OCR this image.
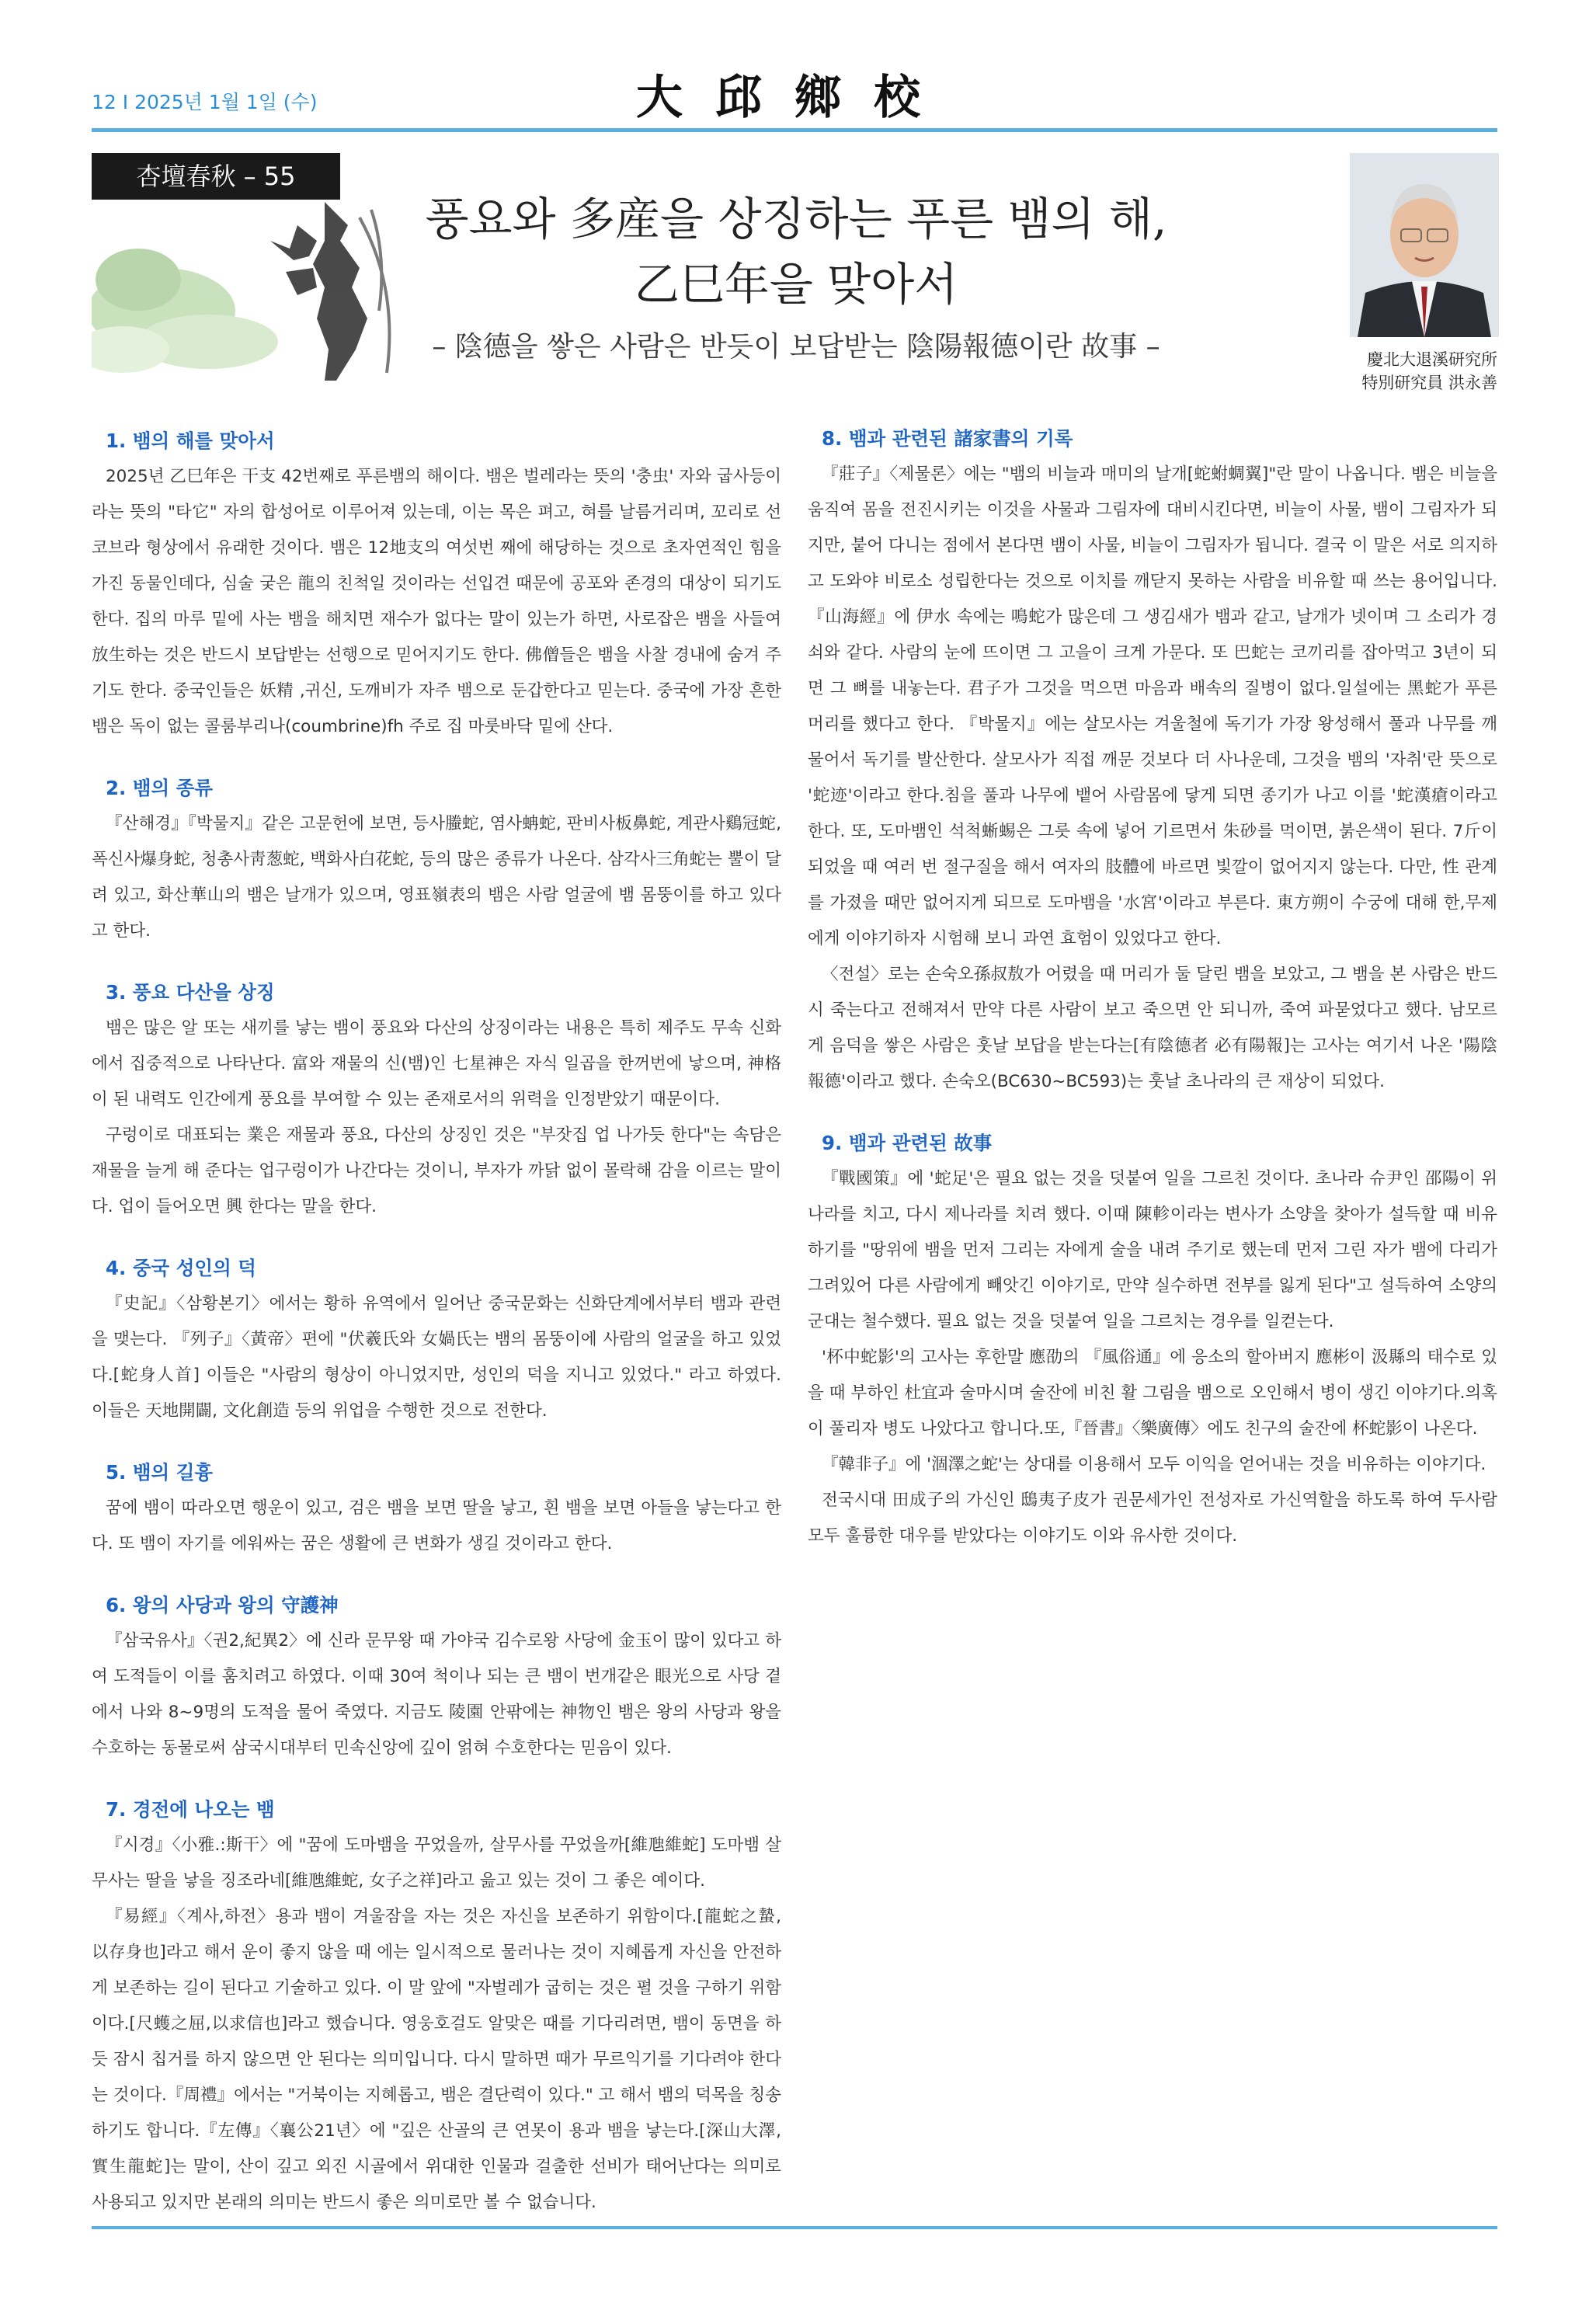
12 I 2025년 1월 1일 (수)	大邱鄉校
杏壇春秋 – 55
풍요와 多産을 상징하는 푸른 뱀의 해,
乙巳年을 맞아서
– 陰德을 쌓은 사람은 반듯이 보답받는 陰陽報德이란 故事 –	慶北大退溪研究所
特別研究員 洪永善
1. 뱀의 해를 맞아서

2025년 乙巳年은 干支 42번째로 푸른뱀의 해이다. 뱀은 벌레라는 뜻의 '충虫' 자와 굽사등이라는 뜻의 "타它" 자의 합성어로 이루어져 있는데, 이는 목은 펴고, 혀를 날름거리며, 꼬리로 선 코브라 형상에서 유래한 것이다. 뱀은 12地支의 여섯번 째에 해당하는 것으로 초자연적인 힘을 가진 동물인데다, 심술 궂은 龍의 친척일 것이라는 선입견 때문에 공포와 존경의 대상이 되기도 한다. 집의 마루 밑에 사는 뱀을 해치면 재수가 없다는 말이 있는가 하면, 사로잡은 뱀을 사들여 放生하는 것은 반드시 보답받는 선행으로 믿어지기도 한다. 佛僧들은 뱀을 사찰 경내에 숨겨 주기도 한다. 중국인들은 妖精 ,귀신, 도깨비가 자주 뱀으로 둔갑한다고 믿는다. 중국에 가장 흔한 뱀은 독이 없는 콜룸부리나(coumbrine)fh 주로 집 마룻바닥 밑에 산다.

2. 뱀의 종류

『산해경』『박물지』같은 고문헌에 보면, 등사螣蛇, 염사蚺蛇, 판비사板鼻蛇, 계관사鷄冠蛇, 폭신사爆身蛇, 청총사靑葱蛇, 백화사白花蛇, 등의 많은 종류가 나온다. 삼각사三角蛇는 뿔이 달려 있고, 화산華山의 뱀은 날개가 있으며, 영표嶺表의 뱀은 사람 얼굴에 뱀 몸뚱이를 하고 있다고 한다.

3. 풍요 다산을 상징

뱀은 많은 알 또는 새끼를 낳는 뱀이 풍요와 다산의 상징이라는 내용은 특히 제주도 무속 신화에서 집중적으로 나타난다. 富와 재물의 신(뱀)인 七星神은 자식 일곱을 한꺼번에 낳으며, 神格이 된 내력도 인간에게 풍요를 부여할 수 있는 존재로서의 위력을 인정받았기 때문이다.

구렁이로 대표되는 業은 재물과 풍요, 다산의 상징인 것은 "부잣집 업 나가듯 한다"는 속담은 재물을 늘게 해 준다는 업구렁이가 나간다는 것이니, 부자가 까닭 없이 몰락해 감을 이르는 말이다. 업이 들어오면 興 한다는 말을 한다.

4. 중국 성인의 덕

『史記』〈삼황본기〉에서는 황하 유역에서 일어난 중국문화는 신화단계에서부터 뱀과 관련을 맺는다. 『列子』〈黃帝〉편에 "伏羲氏와 女媧氏는 뱀의 몸뚱이에 사람의 얼굴을 하고 있었다.[蛇身人首] 이들은 "사람의 형상이 아니었지만, 성인의 덕을 지니고 있었다." 라고 하였다. 이들은 天地開闢, 文化創造 등의 위업을 수행한 것으로 전한다.

5. 뱀의 길흉

꿈에 뱀이 따라오면 행운이 있고, 검은 뱀을 보면 딸을 낳고, 흰 뱀을 보면 아들을 낳는다고 한다. 또 뱀이 자기를 에워싸는 꿈은 생활에 큰 변화가 생길 것이라고 한다.

6. 왕의 사당과 왕의 守護神

『삼국유사』〈권2,紀異2〉에 신라 문무왕 때 가야국 김수로왕 사당에 金玉이 많이 있다고 하여 도적들이 이를 훔치려고 하였다. 이때 30여 척이나 되는 큰 뱀이 번개같은 眼光으로 사당 곁에서 나와 8~9명의 도적을 물어 죽였다. 지금도 陵園 안팎에는 神物인 뱀은 왕의 사당과 왕을 수호하는 동물로써 삼국시대부터 민속신앙에 깊이 얽혀 수호한다는 믿음이 있다.

7. 경전에 나오는 뱀

『시경』〈小雅.:斯干〉에 "꿈에 도마뱀을 꾸었을까, 살무사를 꾸었을까[維虺維蛇] 도마뱀 살무사는 딸을 낳을 징조라네[維虺維蛇, 女子之祥]라고 읊고 있는 것이 그 좋은 예이다.

『易經』〈계사,하전〉용과 뱀이 겨울잠을 자는 것은 자신을 보존하기 위함이다.[龍蛇之蟄, 以存身也]라고 해서 운이 좋지 않을 때 에는 일시적으로 물러나는 것이 지혜롭게 자신을 안전하게 보존하는 길이 된다고 기술하고 있다. 이 말 앞에 "자벌레가 굽히는 것은 펼 것을 구하기 위함이다.[尺蠖之屈,以求信也]라고 했습니다. 영웅호걸도 알맞은 때를 기다리려면, 뱀이 동면을 하듯 잠시 칩거를 하지 않으면 안 된다는 의미입니다. 다시 말하면 때가 무르익기를 기다려야 한다는 것이다.『周禮』에서는 "거북이는 지혜롭고, 뱀은 결단력이 있다." 고 해서 뱀의 덕목을 칭송하기도 합니다.『左傳』〈襄公21년〉에 "깊은 산골의 큰 연못이 용과 뱀을 낳는다.[深山大澤,實生龍蛇]는 말이, 산이 깊고 외진 시골에서 위대한 인물과 걸출한 선비가 태어난다는 의미로 사용되고 있지만 본래의 의미는 반드시 좋은 의미로만 볼 수 없습니다.

8. 뱀과 관련된 諸家書의 기록

『莊子』〈제물론〉에는 "뱀의 비늘과 매미의 날개[蛇蚹蜩翼]"란 말이 나옵니다. 뱀은 비늘을 움직여 몸을 전진시키는 이것을 사물과 그림자에 대비시킨다면, 비늘이 사물, 뱀이 그림자가 되지만, 붙어 다니는 점에서 본다면 뱀이 사물, 비늘이 그림자가 됩니다. 결국 이 말은 서로 의지하고 도와야 비로소 성립한다는 것으로 이치를 깨닫지 못하는 사람을 비유할 때 쓰는 용어입니다. 『山海經』에 伊水 속에는 鳴蛇가 많은데 그 생김새가 뱀과 같고, 날개가 넷이며 그 소리가 경쇠와 같다. 사람의 눈에 뜨이면 그 고을이 크게 가문다. 또 巴蛇는 코끼리를 잡아먹고 3년이 되면 그 뼈를 내놓는다. 君子가 그것을 먹으면 마음과 배속의 질병이 없다.일설에는 黑蛇가 푸른 머리를 했다고 한다. 『박물지』에는 살모사는 겨울철에 독기가 가장 왕성해서 풀과 나무를 깨물어서 독기를 발산한다. 살모사가 직접 깨문 것보다 더 사나운데, 그것을 뱀의 '자취'란 뜻으로 '蛇迹'이라고 한다.침을 풀과 나무에 뱉어 사람몸에 닿게 되면 종기가 나고 이를 '蛇漢瘡이라고 한다. 또, 도마뱀인 석척蜥蜴은 그릇 속에 넣어 기르면서 朱砂를 먹이면, 붉은색이 된다. 7斤이 되었을 때 여러 번 절구질을 해서 여자의 肢體에 바르면 빛깔이 없어지지 않는다. 다만, 性 관계를 가졌을 때만 없어지게 되므로 도마뱀을 '水宮'이라고 부른다. 東方朔이 수궁에 대해 한,무제에게 이야기하자 시험해 보니 과연 효험이 있었다고 한다.

〈전설〉로는 손숙오孫叔敖가 어렸을 때 머리가 둘 달린 뱀을 보았고, 그 뱀을 본 사람은 반드시 죽는다고 전해져서 만약 다른 사람이 보고 죽으면 안 되니까, 죽여 파묻었다고 했다. 남모르게 음덕을 쌓은 사람은 훗날 보답을 받는다는[有陰德者 必有陽報]는 고사는 여기서 나온 '陽陰報德'이라고 했다. 손숙오(BC630~BC593)는 훗날 초나라의 큰 재상이 되었다.

9. 뱀과 관련된 故事

『戰國策』에 '蛇足'은 필요 없는 것을 덧붙여 일을 그르친 것이다. 초나라 슈尹인 邵陽이 위나라를 치고, 다시 제나라를 치려 했다. 이때 陳軫이라는 변사가 소양을 찾아가 설득할 때 비유하기를 "땅위에 뱀을 먼저 그리는 자에게 술을 내려 주기로 했는데 먼저 그린 자가 뱀에 다리가 그려있어 다른 사람에게 빼앗긴 이야기로, 만약 실수하면 전부를 잃게 된다"고 설득하여 소양의 군대는 철수했다. 필요 없는 것을 덧붙여 일을 그르치는 경우를 일컫는다.

'杯中蛇影'의 고사는 후한말 應劭의 『風俗通』에 응소의 할아버지 應彬이 汲縣의 태수로 있을 때 부하인 杜宜과 술마시며 술잔에 비친 활 그림을 뱀으로 오인해서 병이 생긴 이야기다.의혹이 풀리자 병도 나았다고 합니다.또,『晉書』〈樂廣傳〉에도 친구의 술잔에 杯蛇影이 나온다.

『韓非子』에 '涸澤之蛇'는 상대를 이용해서 모두 이익을 얻어내는 것을 비유하는 이야기다.

전국시대 田成子의 가신인 鴟夷子皮가 권문세가인 전성자로 가신역할을 하도록 하여 두사람 모두 훌륭한 대우를 받았다는 이야기도 이와 유사한 것이다.
